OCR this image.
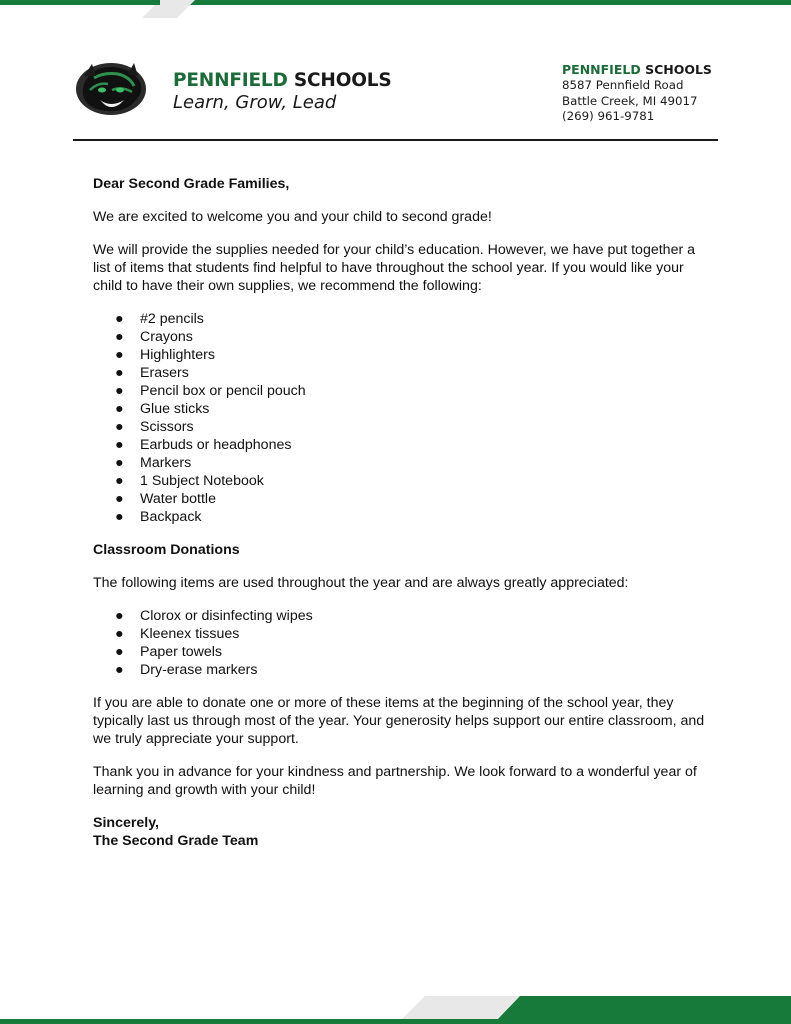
PENNFIELD SCHOOLS
Learn, Grow, Lead
PENNFIELD SCHOOLS
8587 Pennfield Road
Battle Creek, MI 49017
(269) 961-9781

Dear Second Grade Families,

We are excited to welcome you and your child to second grade!

We will provide the supplies needed for your child’s education. However, we have put together a list of items that students find helpful to have throughout the school year. If you would like your child to have their own supplies, we recommend the following:

● #2 pencils
● Crayons
● Highlighters
● Erasers
● Pencil box or pencil pouch
● Glue sticks
● Scissors
● Earbuds or headphones
● Markers
● 1 Subject Notebook
● Water bottle
● Backpack

Classroom Donations

The following items are used throughout the year and are always greatly appreciated:

● Clorox or disinfecting wipes
● Kleenex tissues
● Paper towels
● Dry-erase markers

If you are able to donate one or more of these items at the beginning of the school year, they typically last us through most of the year. Your generosity helps support our entire classroom, and we truly appreciate your support.

Thank you in advance for your kindness and partnership. We look forward to a wonderful year of learning and growth with your child!

Sincerely,

The Second Grade Team
